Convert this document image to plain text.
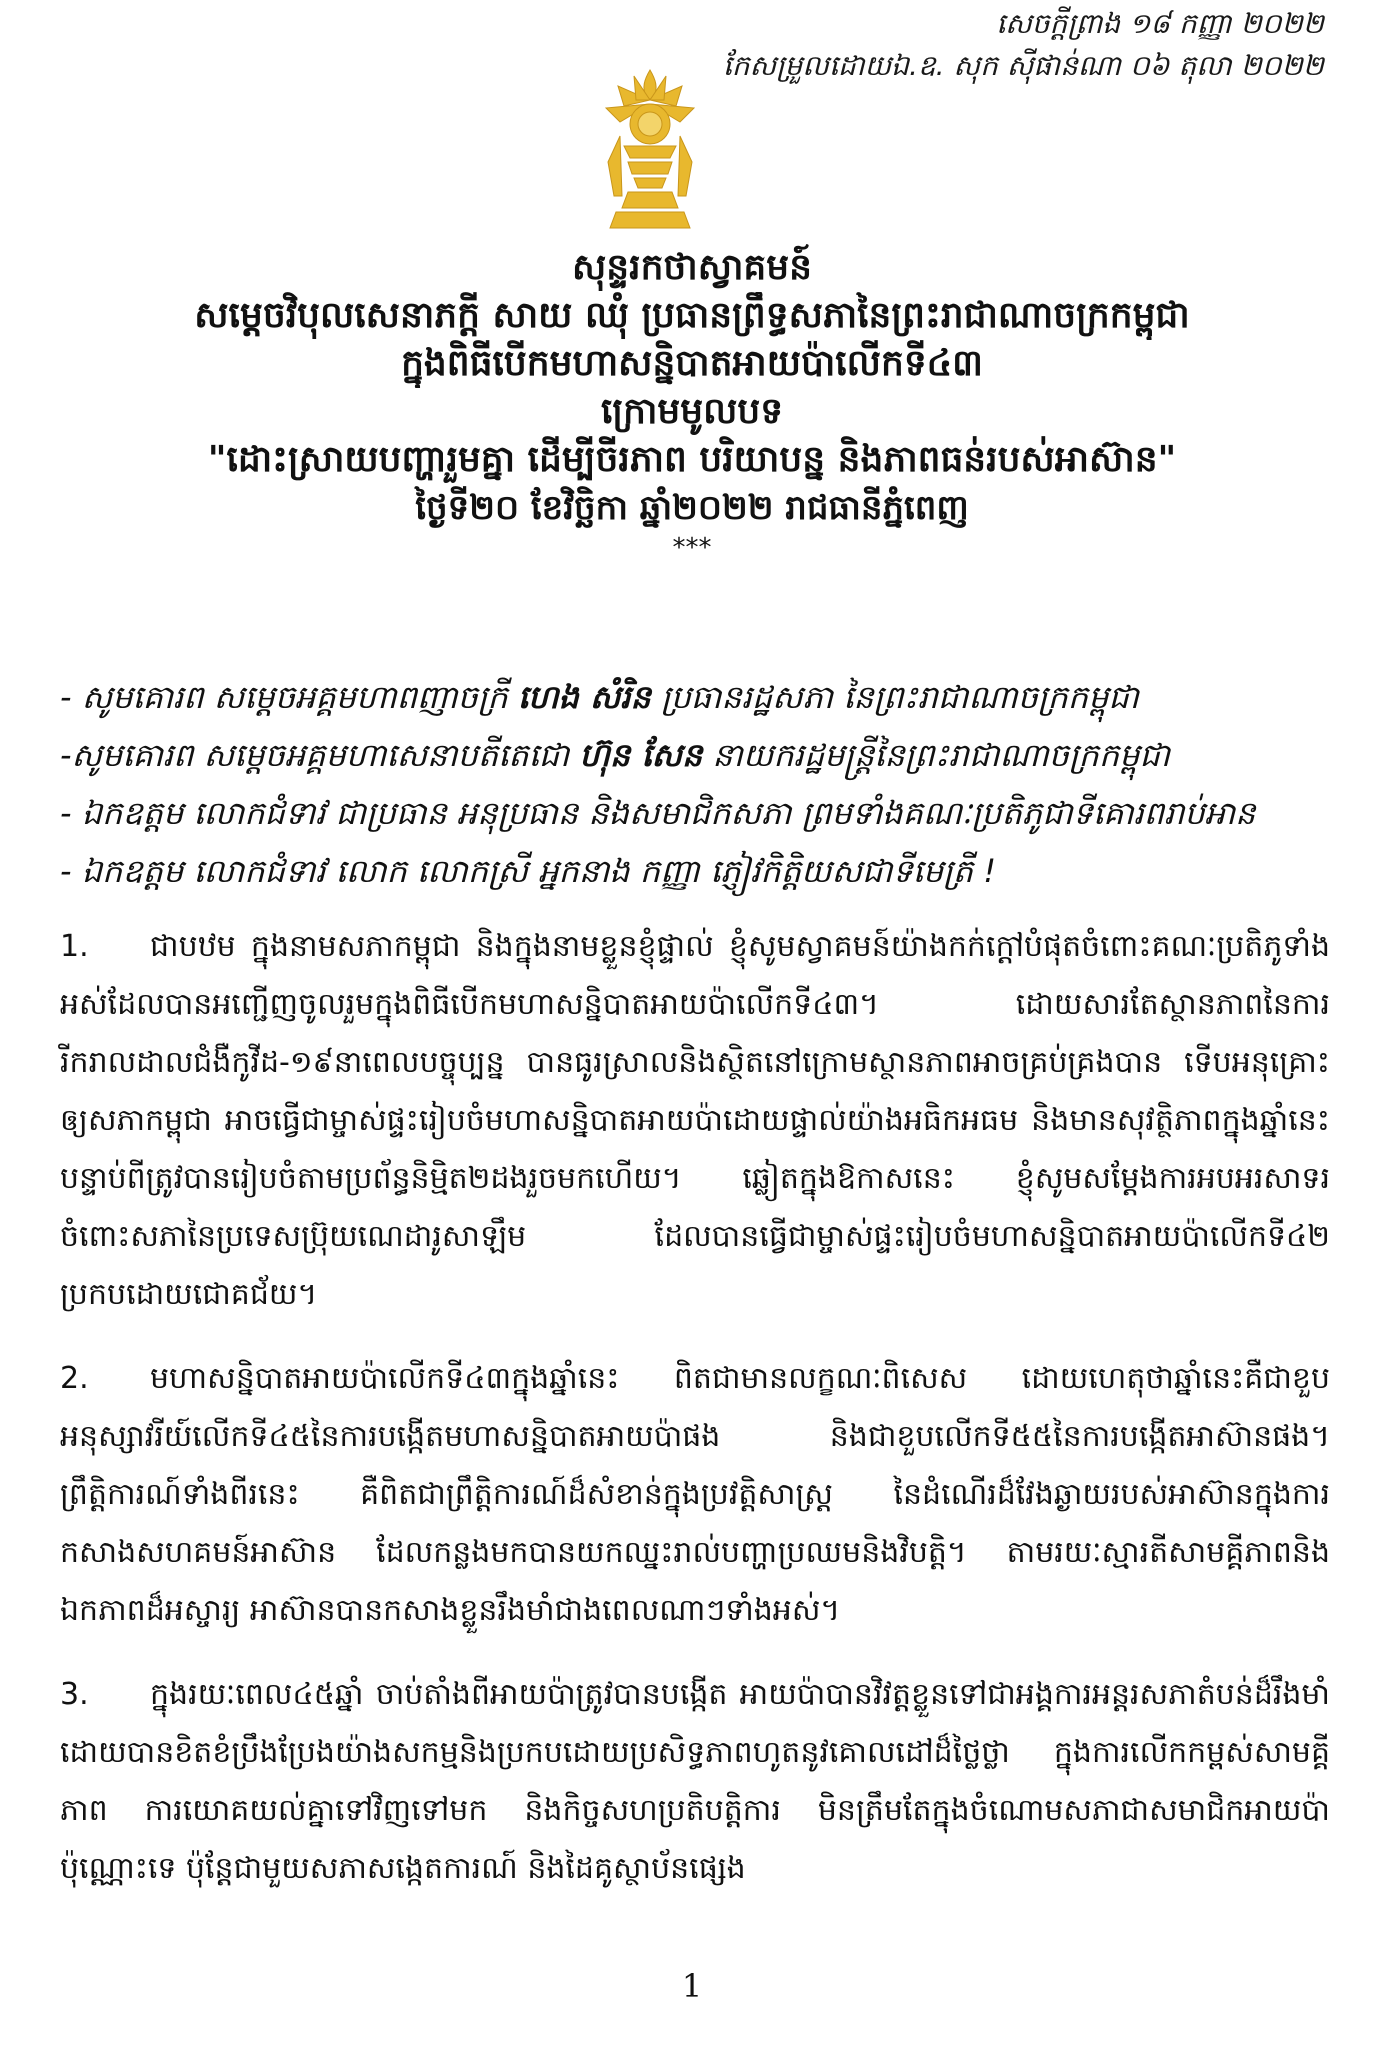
សេចក្ដីព្រាង ១៨ កញ្ញា ២០២២
កែសម្រួលដោយឯ.ឧ. សុក ស៊ីផាន់ណា ០៦ តុលា ២០២២

សុន្ទរកថាស្វាគមន៍

សម្តេចវិបុលសេនាភក្តី សាយ ឈុំ ប្រធានព្រឹទ្ធសភានៃព្រះរាជាណាចក្រកម្ពុជា

ក្នុងពិធីបើកមហាសន្និបាតអាយប៉ាលើកទី៤៣

ក្រោមមូលបទ

"ដោះស្រាយបញ្ហារួមគ្នា ដើម្បីចីរភាព បរិយាបន្ន និងភាពធន់របស់អាស៊ាន"

ថ្ងៃទី២០ ខែវិច្ឆិកា ឆ្នាំ២០២២ រាជធានីភ្នំពេញ

***
- សូមគោរព សម្តេចអគ្គមហាពញាចក្រី ហេង សំរិន ប្រធានរដ្ឋសភា នៃព្រះរាជាណាចក្រកម្ពុជា
-សូមគោរព សម្តេចអគ្គមហាសេនាបតីតេជោ ហ៊ុន សែន នាយករដ្ឋមន្ត្រីនៃព្រះរាជាណាចក្រកម្ពុជា
- ឯកឧត្តម លោកជំទាវ ជាប្រធាន អនុប្រធាន និងសមាជិកសភា ព្រមទាំងគណៈប្រតិភូជាទីគោរពរាប់អាន
- ឯកឧត្តម លោកជំទាវ លោក លោកស្រី អ្នកនាង កញ្ញា ភ្ញៀវកិត្តិយសជាទីមេត្រី !

1. ជាបឋម ក្នុងនាមសភាកម្ពុជា និងក្នុងនាមខ្លួនខ្ញុំផ្ទាល់ ខ្ញុំសូមស្វាគមន៍យ៉ាងកក់ក្ដៅបំផុតចំពោះគណៈប្រតិភូទាំងអស់ដែលបានអញ្ជើញចូលរួមក្នុងពិធីបើកមហាសន្និបាតអាយប៉ាលើកទី៤៣។ ដោយសារតែស្ថានភាពនៃការរីករាលដាលជំងឺកូវីដ-១៩នាពេលបច្ចុប្បន្ន បានធូរស្រាលនិងស្ថិតនៅក្រោមស្ថានភាពអាចគ្រប់គ្រងបាន ទើបអនុគ្រោះឲ្យសភាកម្ពុជា អាចធ្វើជាម្ចាស់ផ្ទះរៀបចំមហាសន្និបាតអាយប៉ាដោយផ្ទាល់យ៉ាងអធិកអធម និងមានសុវត្ថិភាពក្នុងឆ្នាំនេះ បន្ទាប់ពីត្រូវបានរៀបចំតាមប្រព័ន្ធនិម្មិត២ដងរួចមកហើយ។ ឆ្លៀតក្នុងឱកាសនេះ ខ្ញុំសូមសម្តែងការអបអរសាទរចំពោះសភានៃប្រទេសប្រ៊ុយណេដារូសាឡឹម ដែលបានធ្វើជាម្ចាស់ផ្ទះរៀបចំមហាសន្និបាតអាយប៉ាលើកទី៤២ ប្រកបដោយជោគជ័យ។

2. មហាសន្និបាតអាយប៉ាលើកទី៤៣ក្នុងឆ្នាំនេះ ពិតជាមានលក្ខណៈពិសេស ដោយហេតុថាឆ្នាំនេះគឺជាខួបអនុស្សាវរីយ៍លើកទី៤៥នៃការបង្កើតមហាសន្និបាតអាយប៉ាផង និងជាខួបលើកទី៥៥នៃការបង្កើតអាស៊ានផង។ ព្រឹត្តិការណ៍ទាំងពីរនេះ គឺពិតជាព្រឹត្តិការណ៍ដ៏សំខាន់ក្នុងប្រវត្តិសាស្ត្រ នៃដំណើរដ៏វែងឆ្ងាយរបស់អាស៊ានក្នុងការកសាងសហគមន៍អាស៊ាន ដែលកន្លងមកបានយកឈ្នះរាល់បញ្ហាប្រឈមនិងវិបត្តិ។ តាមរយៈស្មារតីសាមគ្គីភាពនិងឯកភាពដ៏អស្ចារ្យ អាស៊ានបានកសាងខ្លួនរឹងមាំជាងពេលណាៗទាំងអស់។

3. ក្នុងរយៈពេល៤៥ឆ្នាំ ចាប់តាំងពីអាយប៉ាត្រូវបានបង្កើត អាយប៉ាបានវិវត្តខ្លួនទៅជាអង្គការអន្តរសភាតំបន់ដ៏រឹងមាំ ដោយបានខិតខំប្រឹងប្រែងយ៉ាងសកម្មនិងប្រកបដោយប្រសិទ្ធភាពហូតនូវគោលដៅដ៏ថ្លៃថ្លា ក្នុងការលើកកម្ពស់សាមគ្គីភាព ការយោគយល់គ្នាទៅវិញទៅមក និងកិច្ចសហប្រតិបត្តិការ មិនត្រឹមតែក្នុងចំណោមសភាជាសមាជិកអាយប៉ាប៉ុណ្ណោះទេ ប៉ុន្តែជាមួយសភាសង្កេតការណ៍ និងដៃគូស្ថាប័នផ្សេង

1
